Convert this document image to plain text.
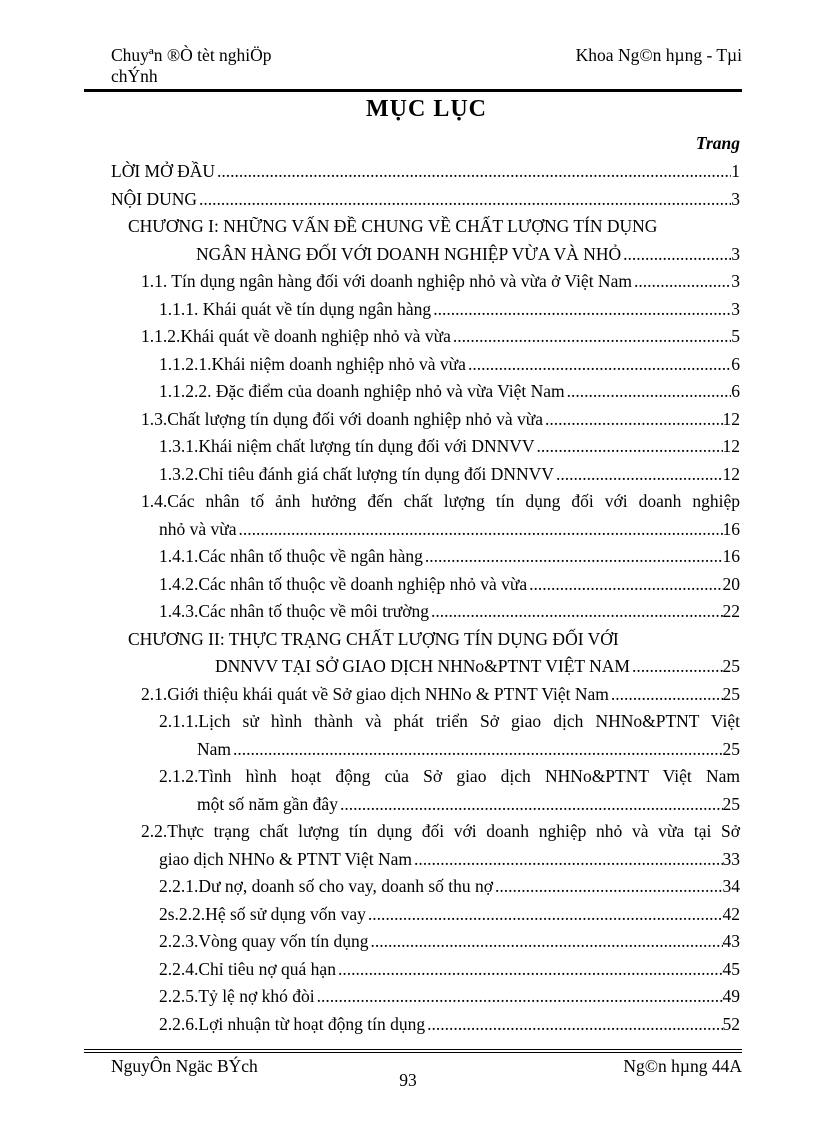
Chuyªn ®Ò tèt nghiÖp
chÝnh
Khoa Ng©n hµng - Tµi
MỤC LỤC
Trang
LỜI MỞ ĐẦU .....	1
NỘI DUNG .....	3
CHƯƠNG I: NHỮNG VẤN ĐỀ CHUNG VỀ CHẤT LƯỢNG TÍN DỤNG
NGÂN HÀNG ĐỐI VỚI DOANH NGHIỆP VỪA VÀ NHỎ .....	3
1.1. Tín dụng ngân hàng đối với doanh nghiệp nhỏ và vừa ở Việt Nam .....	3
1.1.1. Khái quát về tín dụng ngân hàng .....	3
1.1.2.Khái quát về doanh nghiệp nhỏ và vừa .....	5
1.1.2.1.Khái niệm doanh nghiệp nhỏ và vừa .....	6
1.1.2.2. Đặc điểm của doanh nghiệp nhỏ và vừa Việt Nam .....	6
1.3.Chất lượng tín dụng đối với doanh nghiệp nhỏ và vừa .....	12
1.3.1.Khái niệm chất lượng tín dụng đối với DNNVV .....	12
1.3.2.Chỉ tiêu đánh giá chất lượng tín dụng đối DNNVV .....	12
1.4.Các nhân tố ảnh hưởng đến chất lượng tín dụng đối với doanh nghiệp
nhỏ và vừa .....	16
1.4.1.Các nhân tố thuộc về ngân hàng .....	16
1.4.2.Các nhân tố thuộc về doanh nghiệp nhỏ và vừa .....	20
1.4.3.Các nhân tố thuộc về môi trường .....	22
CHƯƠNG II: THỰC TRẠNG CHẤT LƯỢNG TÍN DỤNG ĐỐI VỚI
DNNVV TẠI SỞ GIAO DỊCH NHNo&PTNT VIỆT NAM .....	25
2.1.Giới thiệu khái quát về Sở giao dịch NHNo & PTNT Việt Nam .....	25
2.1.1.Lịch sử hình thành và phát triển Sở giao dịch NHNo&PTNT Việt
Nam .....	25
2.1.2.Tình hình hoạt động của Sở giao dịch NHNo&PTNT Việt Nam
một số năm gần đây .....	25
2.2.Thực trạng chất lượng tín dụng đối với doanh nghiệp nhỏ và vừa tại Sở
giao dịch NHNo & PTNT Việt Nam .....	33
2.2.1.Dư nợ, doanh số cho vay, doanh số thu nợ .....	34
2s.2.2.Hệ số sử dụng vốn vay .....	42
2.2.3.Vòng quay vốn tín dụng .....	43
2.2.4.Chỉ tiêu nợ quá hạn .....	45
2.2.5.Tỷ lệ nợ khó đòi .....	49
2.2.6.Lợi nhuận từ hoạt động tín dụng .....	52
NguyÔn Ngäc BÝch	Ng©n hµng 44A
93
